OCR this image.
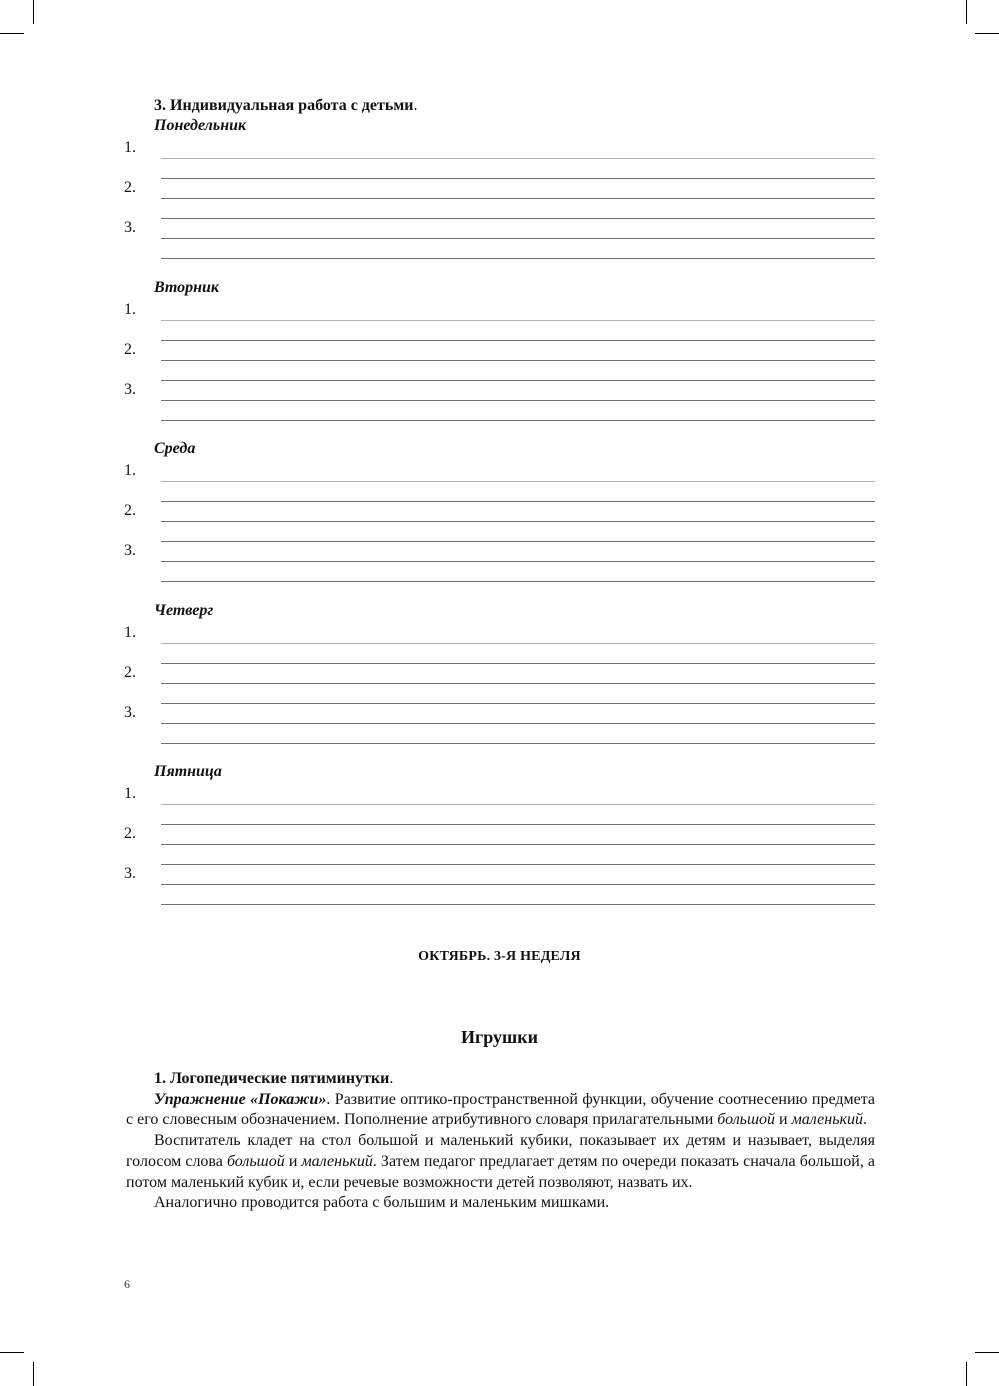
3. Индивидуальная работа с детьми.
Понедельник
1.
2.
3.
Вторник
1.
2.
3.
Среда
1.
2.
3.
Четверг
1.
2.
3.
Пятница
1.
2.
3.
ОКТЯБРЬ. 3-Я НЕДЕЛЯ
Игрушки

1. Логопедические пятиминутки.

Упражнение «Покажи». Развитие оптико-пространственной функции, обучение соотнесению предмета с его словесным обозначением. Пополнение атрибутивного словаря прилагательными большой и маленький.

Воспитатель кладет на стол большой и маленький кубики, показывает их детям и называет, выделяя голосом слова большой и маленький. Затем педагог предлагает детям по очереди показать сначала большой, а потом маленький кубик и, если речевые возможности детей позволяют, назвать их.

Аналогично проводится работа с большим и маленьким мишками.

6
